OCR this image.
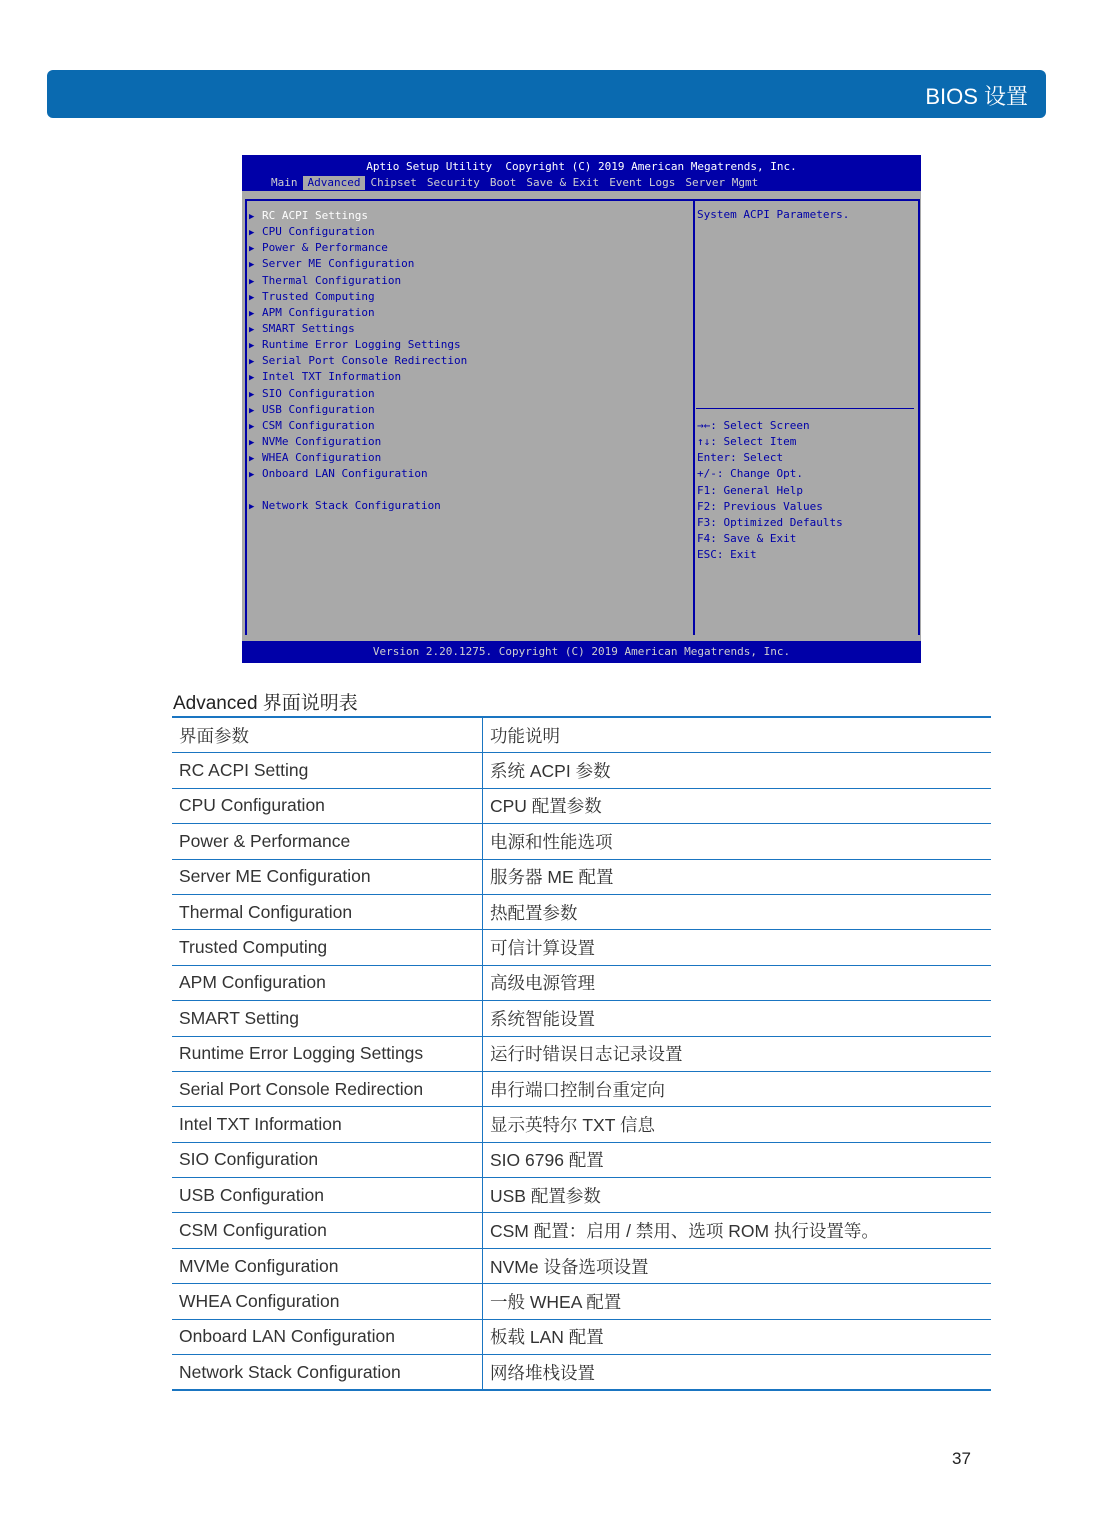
BIOS 设置
Aptio Setup Utility  Copyright (C) 2019 American Megatrends, Inc.
Main Advanced Chipset Security Boot Save & Exit Event Logs Server Mgmt
▶ RC ACPI Settings
▶ CPU Configuration
▶ Power & Performance
▶ Server ME Configuration
▶ Thermal Configuration
▶ Trusted Computing
▶ APM Configuration
▶ SMART Settings
▶ Runtime Error Logging Settings
▶ Serial Port Console Redirection
▶ Intel TXT Information
▶ SIO Configuration
▶ USB Configuration
▶ CSM Configuration
▶ NVMe Configuration
▶ WHEA Configuration
▶ Onboard LAN Configuration
▶ Network Stack Configuration
System ACPI Parameters.
→←: Select Screen
↑↓: Select Item
Enter: Select
+/-: Change Opt.
F1: General Help
F2: Previous Values
F3: Optimized Defaults
F4: Save & Exit
ESC: Exit
Version 2.20.1275. Copyright (C) 2019 American Megatrends, Inc.
Advanced 界面说明表
界面参数	功能说明
RC ACPI Setting	系统 ACPI 参数
CPU Configuration	CPU 配置参数
Power & Performance	电源和性能选项
Server ME Configuration	服务器 ME 配置
Thermal Configuration	热配置参数
Trusted Computing	可信计算设置
APM Configuration	高级电源管理
SMART Setting	系统智能设置
Runtime Error Logging Settings	运行时错误日志记录设置
Serial Port Console Redirection	串行端口控制台重定向
Intel TXT Information	显示英特尔 TXT 信息
SIO Configuration	SIO 6796 配置
USB Configuration	USB 配置参数
CSM Configuration	CSM 配置：启用 / 禁用、选项 ROM 执行设置等。
MVMe Configuration	NVMe 设备选项设置
WHEA Configuration	一般 WHEA 配置
Onboard LAN Configuration	板载 LAN 配置
Network Stack Configuration	网络堆栈设置
37
